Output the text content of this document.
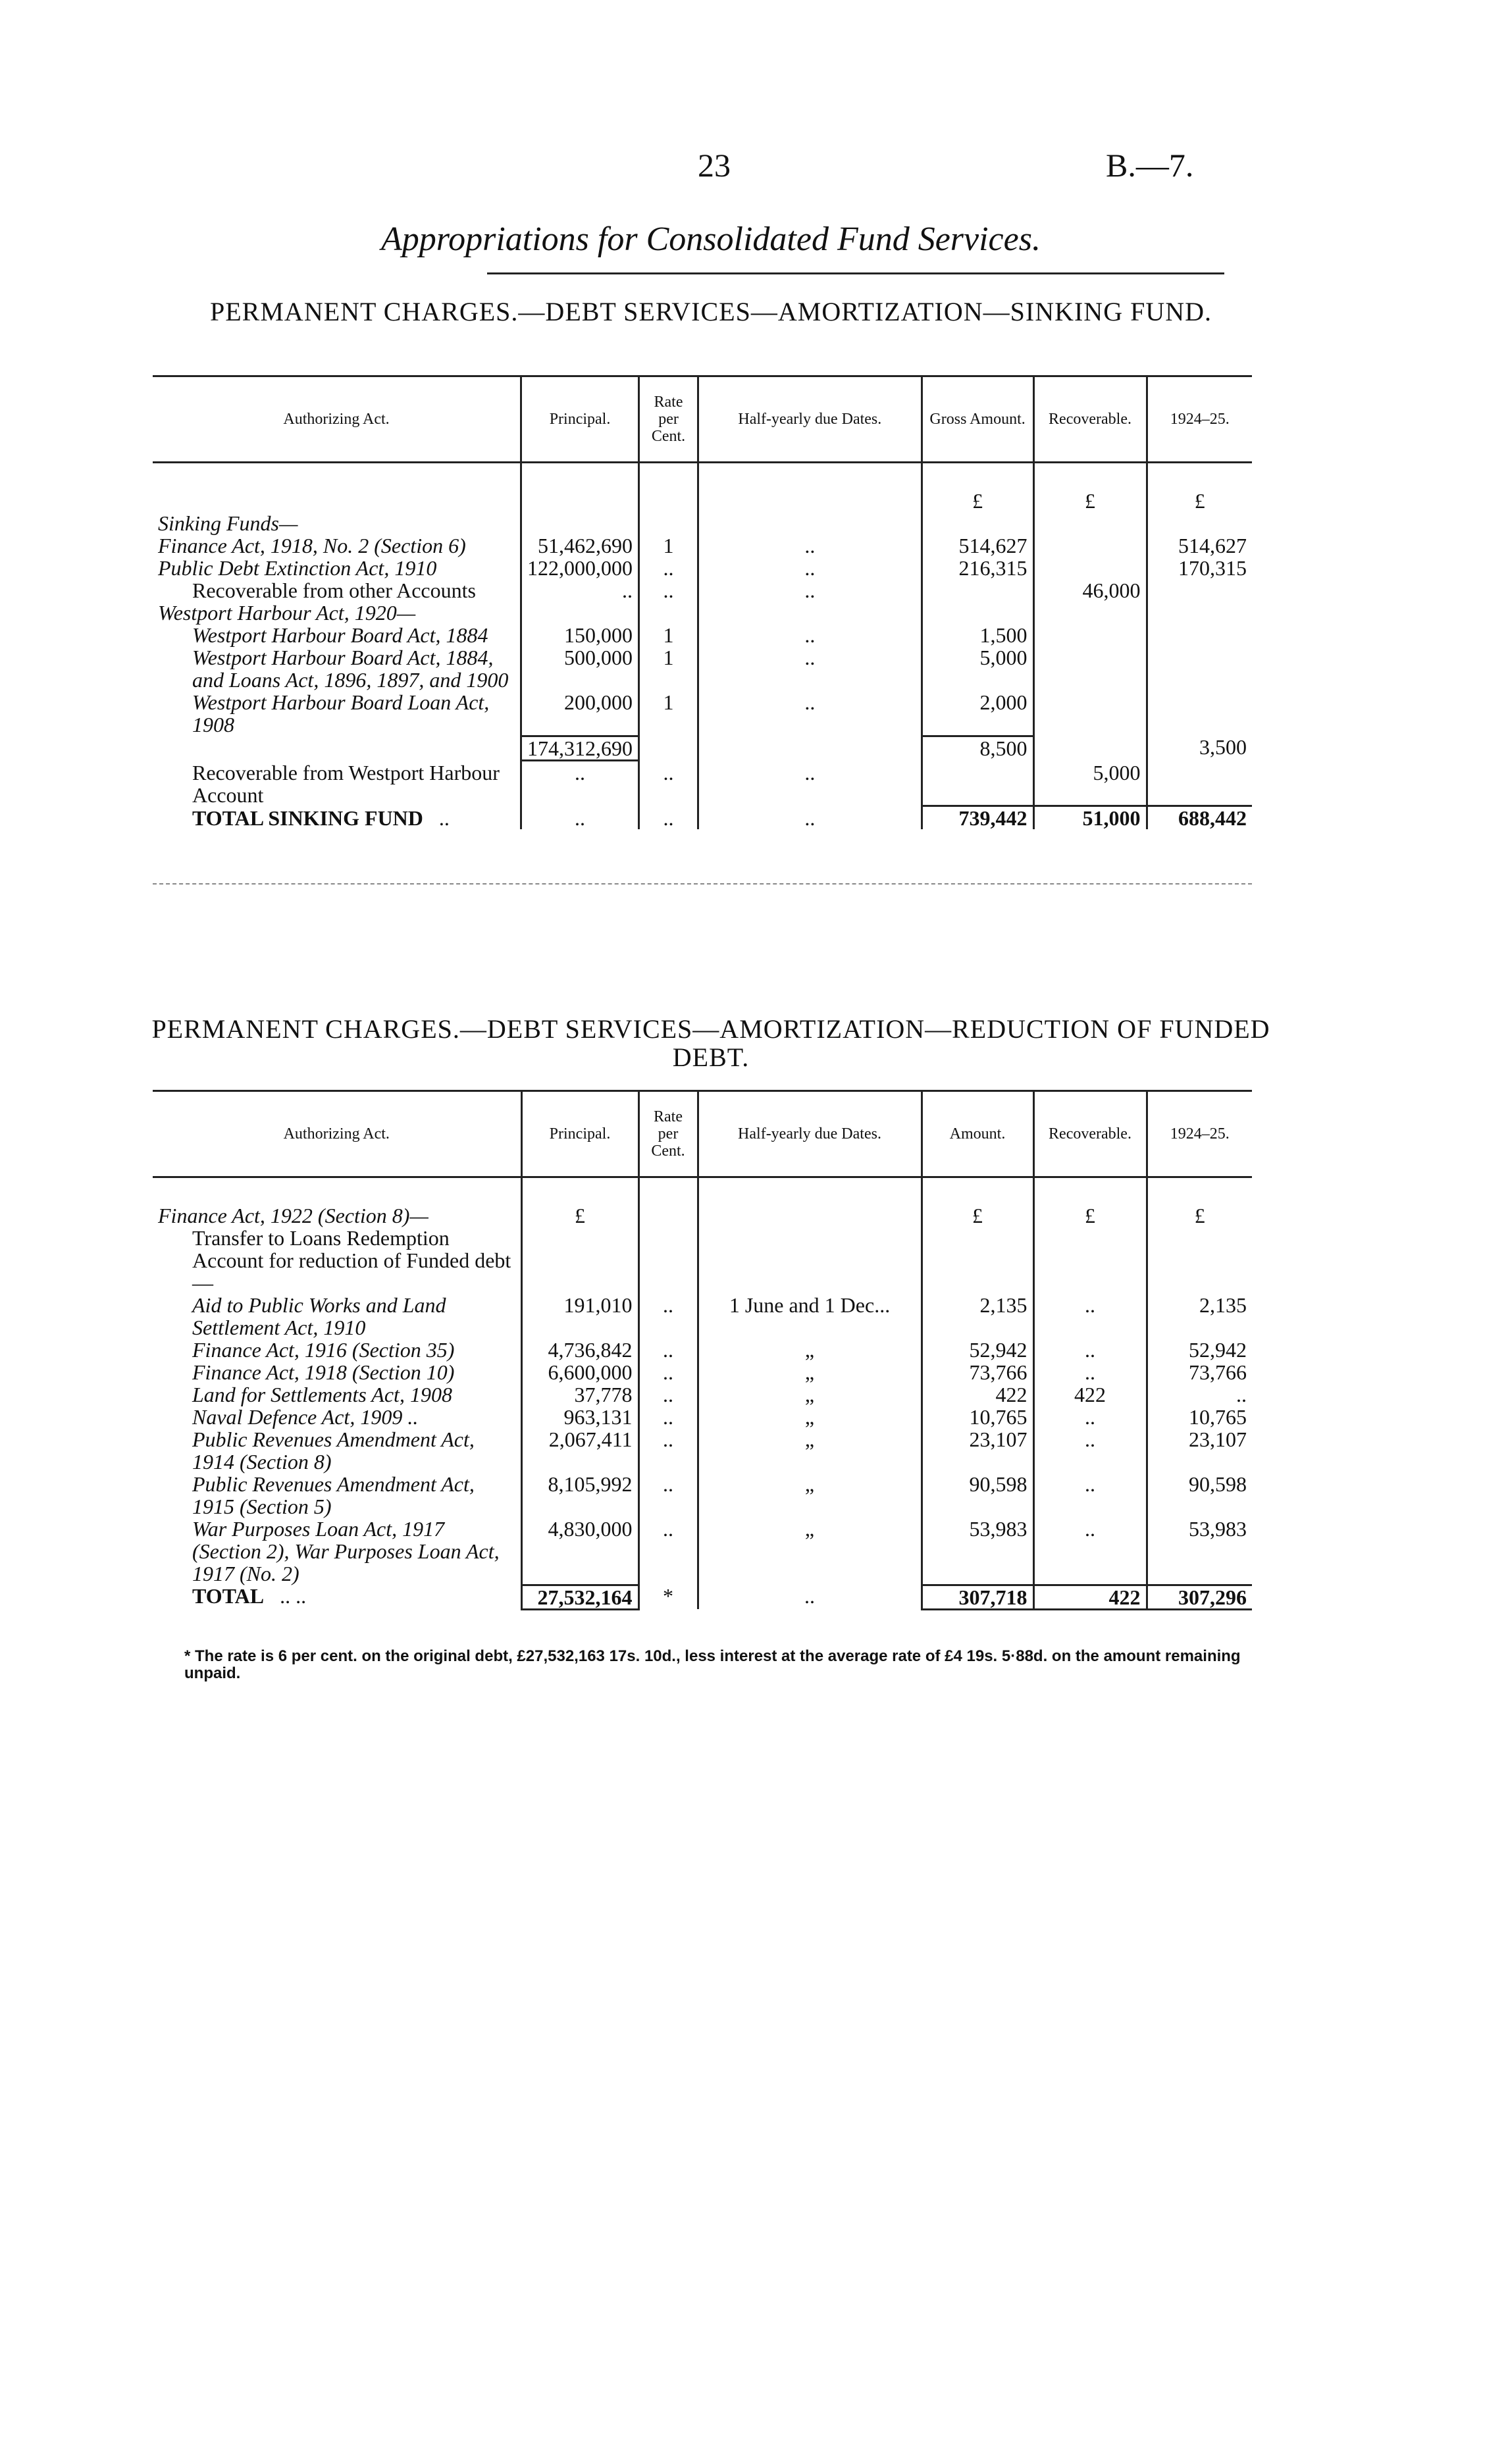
23	B.—7.
Appropriations for Consolidated Fund Services.
PERMANENT CHARGES.—DEBT SERVICES—AMORTIZATION—SINKING FUND.
Authorizing Act.	Principal.	Rate per Cent.	Half-yearly due Dates.	Gross Amount.	Recoverable.	1924–25.

				£	£	£
Sinking Funds—						
Finance Act, 1918, No. 2 (Section 6)	51,462,690	1	..	514,627		514,627
Public Debt Extinction Act, 1910	122,000,000	..	..	216,315		170,315
Recoverable from other Accounts	..	..	..		46,000	
Westport Harbour Act, 1920—						
Westport Harbour Board Act, 1884	150,000	1	..	1,500		
Westport Harbour Board Act, 1884, and Loans Act, 1896, 1897, and 1900	500,000	1	..	5,000		
Westport Harbour Board Loan Act, 1908	200,000	1	..	2,000		
	174,312,690			8,500		3,500

Recoverable from Westport Harbour Account	..	..	..		5,000	

TOTAL SINKING FUND ..	..	..	..	739,442	51,000	688,442
PERMANENT CHARGES.—DEBT SERVICES—AMORTIZATION—REDUCTION OF FUNDED DEBT.
Authorizing Act.	Principal.	Rate per Cent.	Half-yearly due Dates.	Amount.	Recoverable.	1924–25.

Finance Act, 1922 (Section 8)—	£			£	£	£
Transfer to Loans Redemption Account for reduction of Funded debt—						
Aid to Public Works and Land Settlement Act, 1910	191,010	..	1 June and 1 Dec...	2,135	..	2,135
Finance Act, 1916 (Section 35)	4,736,842	..	„	52,942	..	52,942
Finance Act, 1918 (Section 10)	6,600,000	..	„	73,766	..	73,766
Land for Settlements Act, 1908	37,778	..	„	422	422	..
Naval Defence Act, 1909 ..	963,131	..	„	10,765	..	10,765
Public Revenues Amendment Act, 1914 (Section 8)	2,067,411	..	„	23,107	..	23,107
Public Revenues Amendment Act, 1915 (Section 5)	8,105,992	..	„	90,598	..	90,598
War Purposes Loan Act, 1917 (Section 2), War Purposes Loan Act, 1917 (No. 2)	4,830,000	..	„	53,983	..	53,983
TOTAL .. ..	27,532,164	*	..	307,718	422	307,296
* The rate is 6 per cent. on the original debt, £27,532,163 17s. 10d., less interest at the average rate of £4 19s. 5·88d. on the amount remaining unpaid.
